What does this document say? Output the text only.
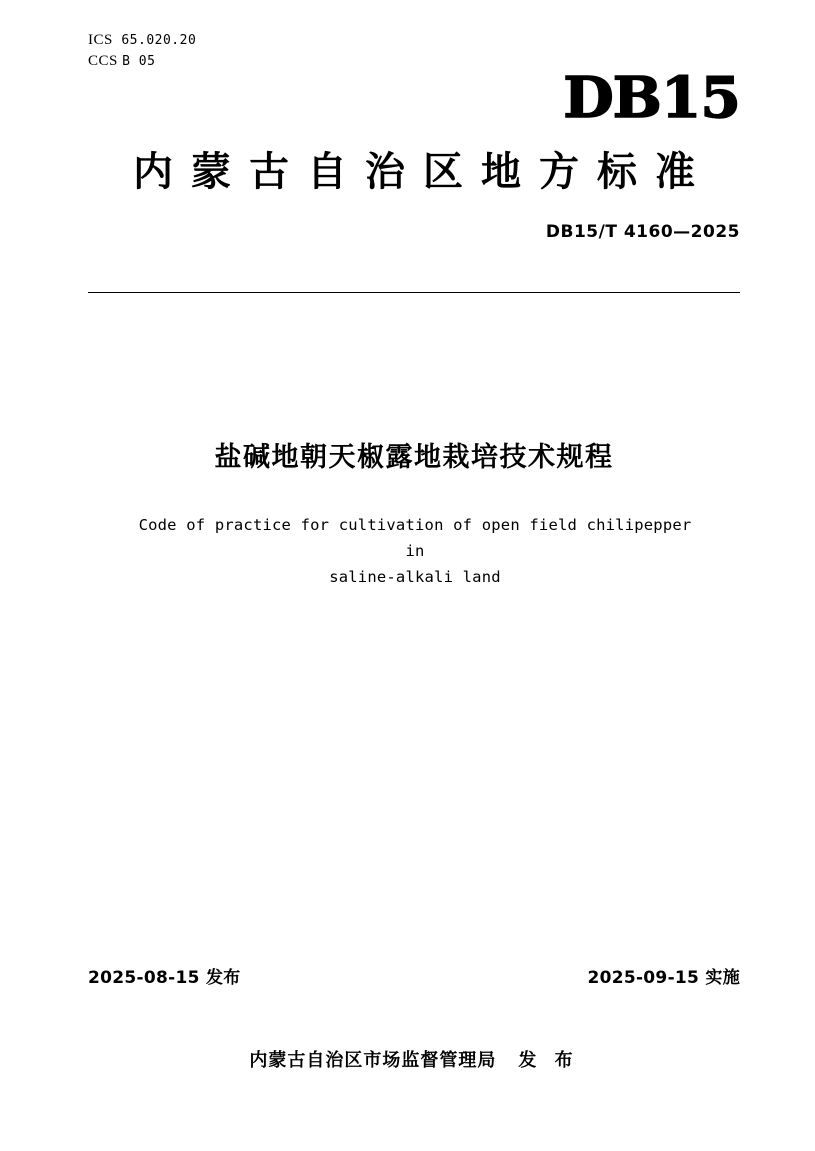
ICS 65.020.20
CCS B 05
DB15
内蒙古自治区地方标准
DB15/T 4160—2025
盐碱地朝天椒露地栽培技术规程
Code of practice for cultivation of open field chilipepper in
saline-alkali land
2025-08-15 发布	2025-09-15 实施
内蒙古自治区市场监督管理局 发 布
